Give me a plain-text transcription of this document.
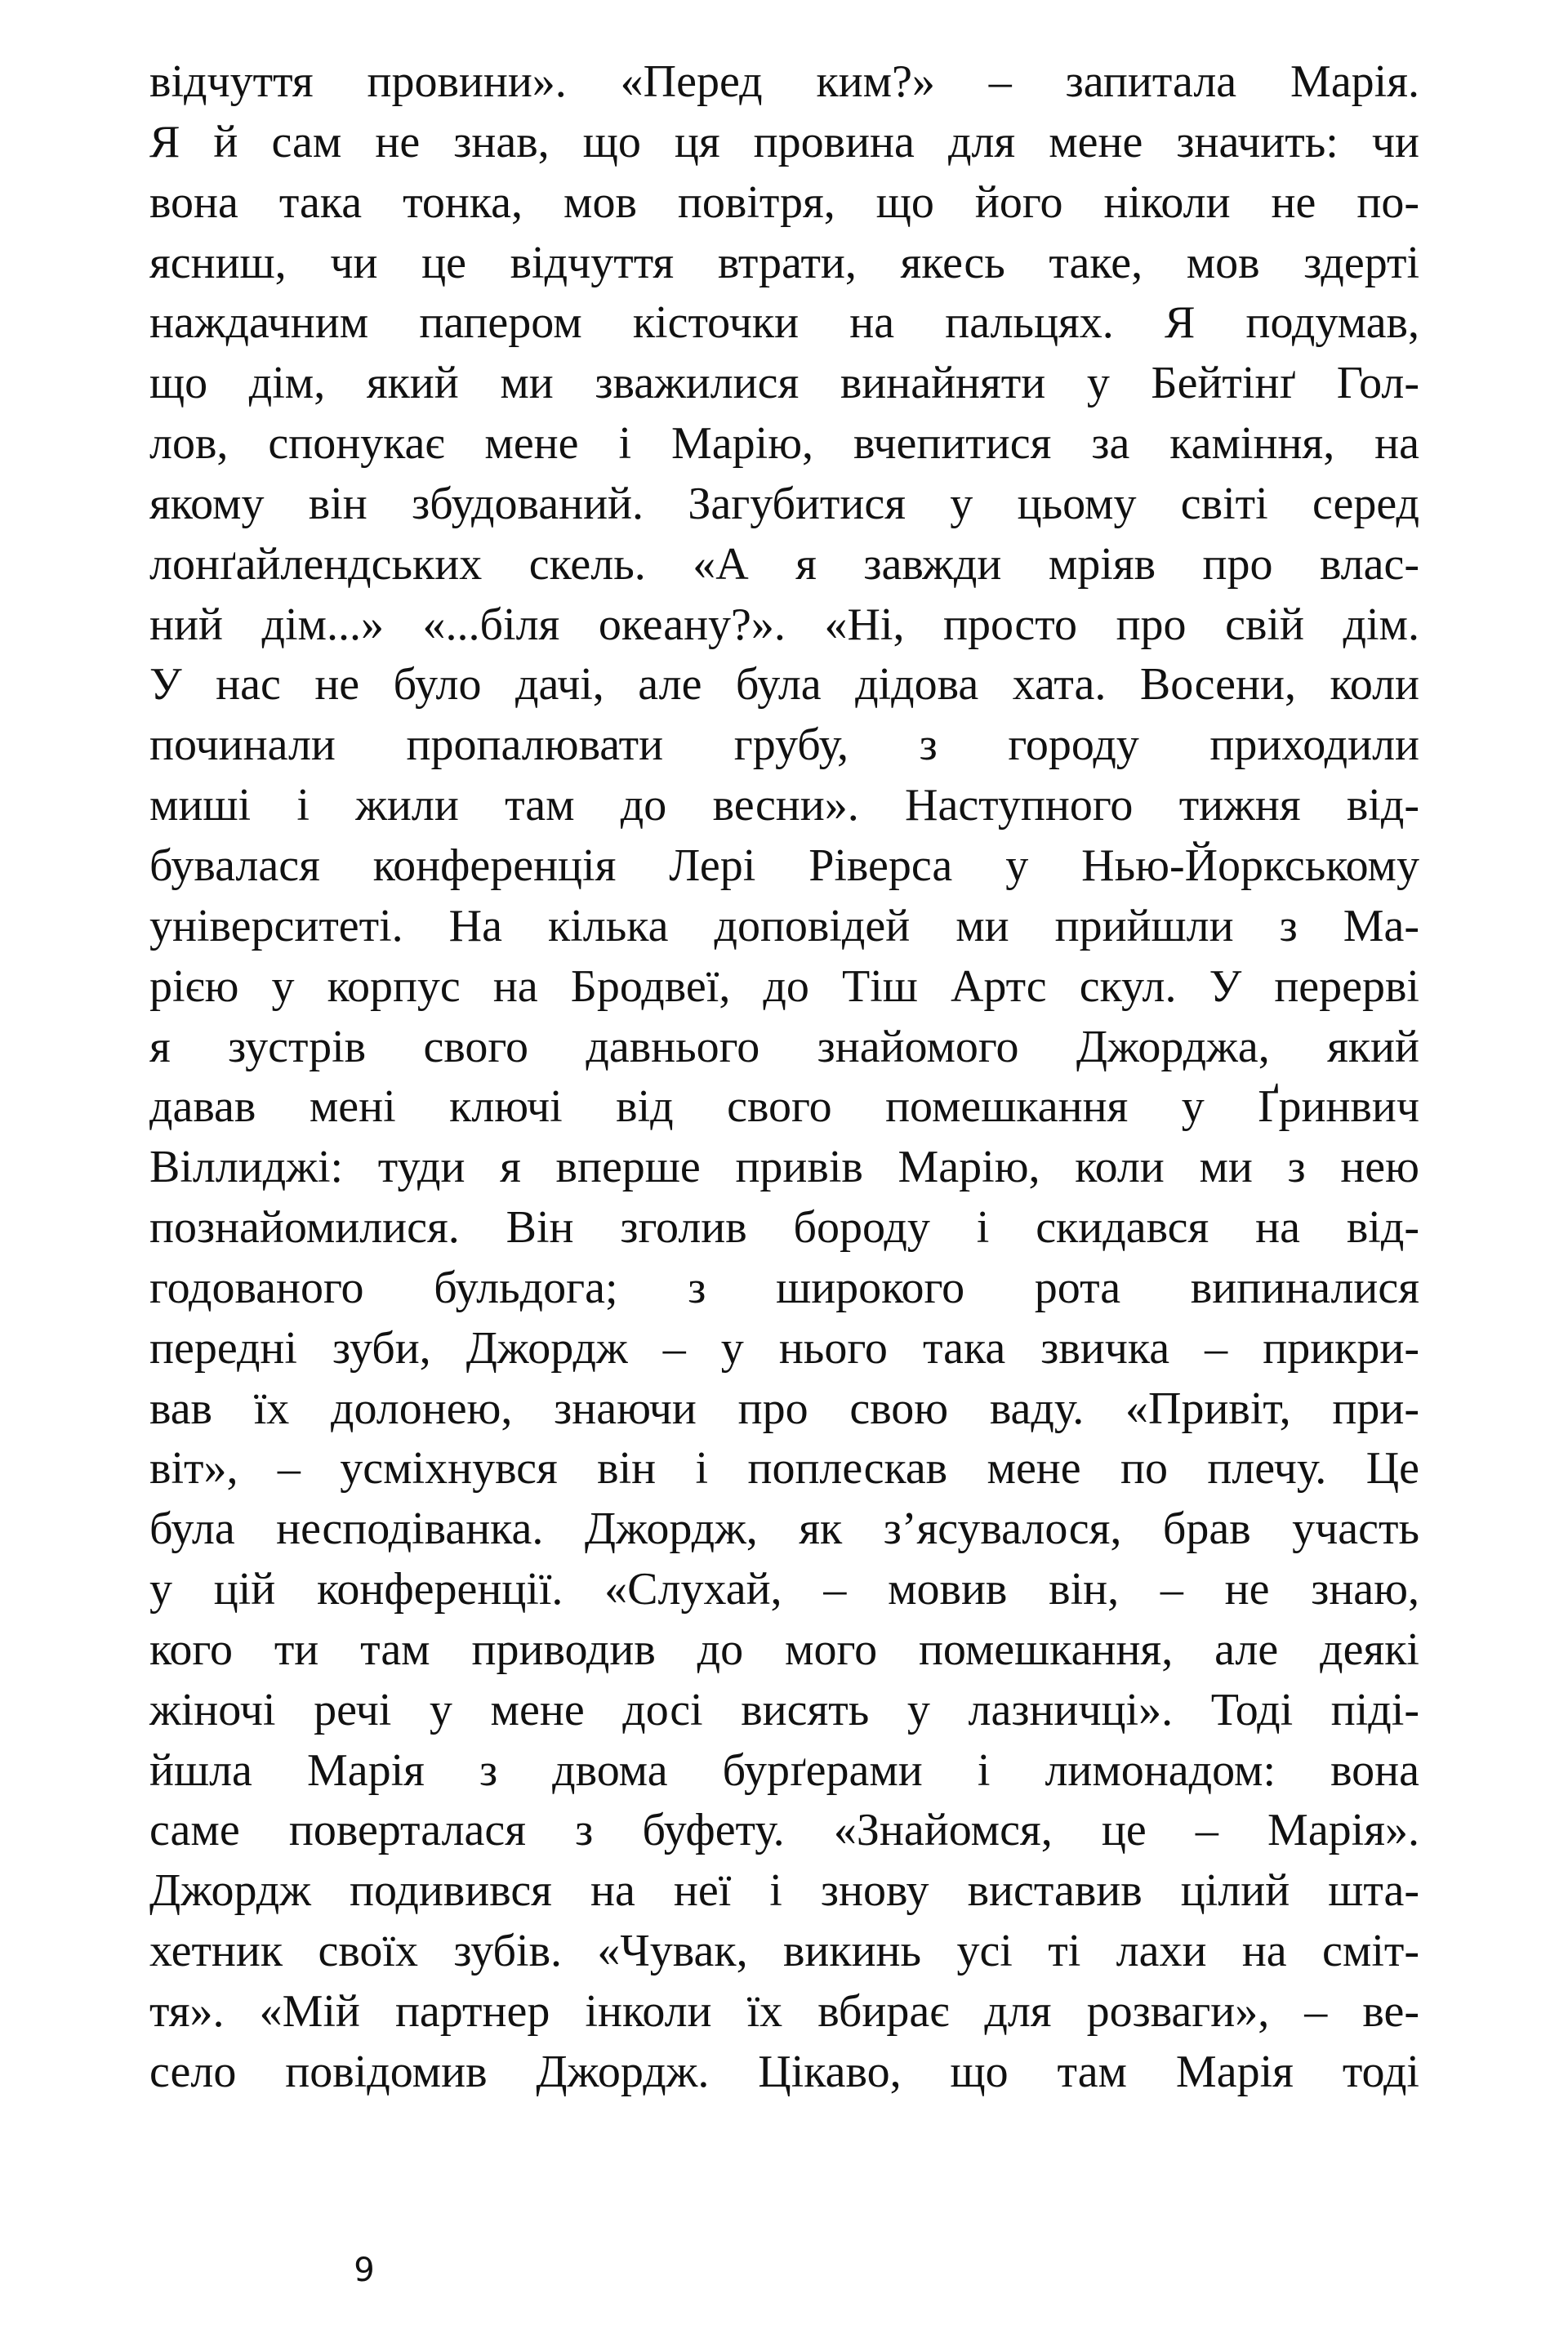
відчуття провини». «Перед ким?» – запитала Марія.
Я й сам не знав, що ця провина для мене значить: чи
вона така тонка, мов повітря, що його ніколи не по-
ясниш, чи це відчуття втрати, якесь таке, мов здерті
наждачним папером кісточки на пальцях. Я подумав,
що дім, який ми зважилися винайняти у Бейтінґ Гол-
лов, спонукає мене і Марію, вчепитися за каміння, на
якому він збудований. Загубитися у цьому світі серед
лонґайлендських скель. «А я завжди мріяв про влас-
ний дім...» «...біля океану?». «Ні, просто про свій дім.
У нас не було дачі, але була дідова хата. Восени, коли
починали пропалювати грубу, з городу приходили
миші і жили там до весни». Наступного тижня від-
бувалася конференція Лері Ріверса у Нью-Йоркському
університеті. На кілька доповідей ми прийшли з Ма-
рією у корпус на Бродвеї, до Тіш Артс скул. У перерві
я зустрів свого давнього знайомого Джорджа, який
давав мені ключі від свого помешкання у Ґринвич
Віллиджі: туди я вперше привів Марію, коли ми з нею
познайомилися. Він зголив бороду і скидався на від-
годованого бульдога; з широкого рота випиналися
передні зуби, Джордж – у нього така звичка – прикри-
вав їх долонею, знаючи про свою ваду. «Привіт, при-
віт», – усміхнувся він і поплескав мене по плечу. Це
була несподіванка. Джордж, як з’ясувалося, брав участь
у цій конференції. «Слухай, – мовив він, – не знаю,
кого ти там приводив до мого помешкання, але деякі
жіночі речі у мене досі висять у лазничці». Тоді піді-
йшла Марія з двома бурґерами і лимонадом: вона
саме поверталася з буфету. «Знайомся, це – Марія».
Джордж подивився на неї і знову виставив цілий шта-
хетник своїх зубів. «Чувак, викинь усі ті лахи на смiт-
тя». «Мій партнер інколи їх вбирає для розваги», – ве-
село повідомив Джордж. Цікаво, що там Марія тоді
9
